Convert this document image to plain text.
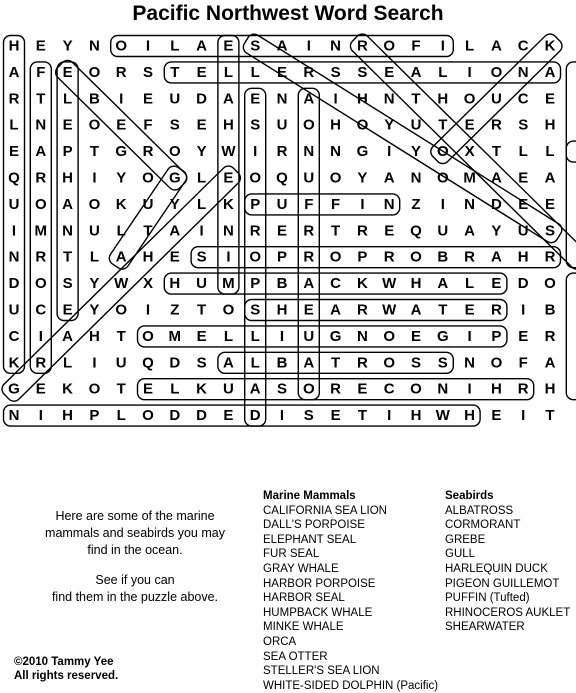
Pacific Northwest Word Search
H E Y N O I L A E S A I N R O F I L A C K
A F E O R S T E L L E R S S E A L I O N A
R T L B I E U D A E N A I H N T H O U C E
L N E O E F S E H S U O H O Y U T E R S H
E A P T G R O Y W I R N N G I Y O X T L L
Q R H I Y O G L E O Q U O Y A N O M A E A
U O A O K U Y L K P U F F I N Z I N D E E
I M N U L T A I N R E R T R E Q U A Y U S
N R T L A H E S I O P R O P R O B R A H R
D O S Y W X H U M P B A C K W H A L E D O
U C E Y O I Z T O S H E A R W A T E R I B
C I A H T O M E L L I U G N O E G I P E R
K R L I U Q D S A L B A T R O S S N O F A
G E K O T E L K U A S O R E C O N I H R H
N I H P L O D D E D I S E T I H W H E I T

Here are some of the marine
mammals and seabirds you may
find in the ocean.

See if you can
find them in the puzzle above.

Marine Mammals
CALIFORNIA SEA LION
DALL'S PORPOISE
ELEPHANT SEAL
FUR SEAL
GRAY WHALE
HARBOR PORPOISE
HARBOR SEAL
HUMPBACK WHALE
MINKE WHALE
ORCA
SEA OTTER
STELLER'S SEA LION
WHITE-SIDED DOLPHIN (Pacific)
Seabirds
ALBATROSS
CORMORANT
GREBE
GULL
HARLEQUIN DUCK
PIGEON GUILLEMOT
PUFFIN (Tufted)
RHINOCEROS AUKLET
SHEARWATER
©2010 Tammy Yee
All rights reserved.
